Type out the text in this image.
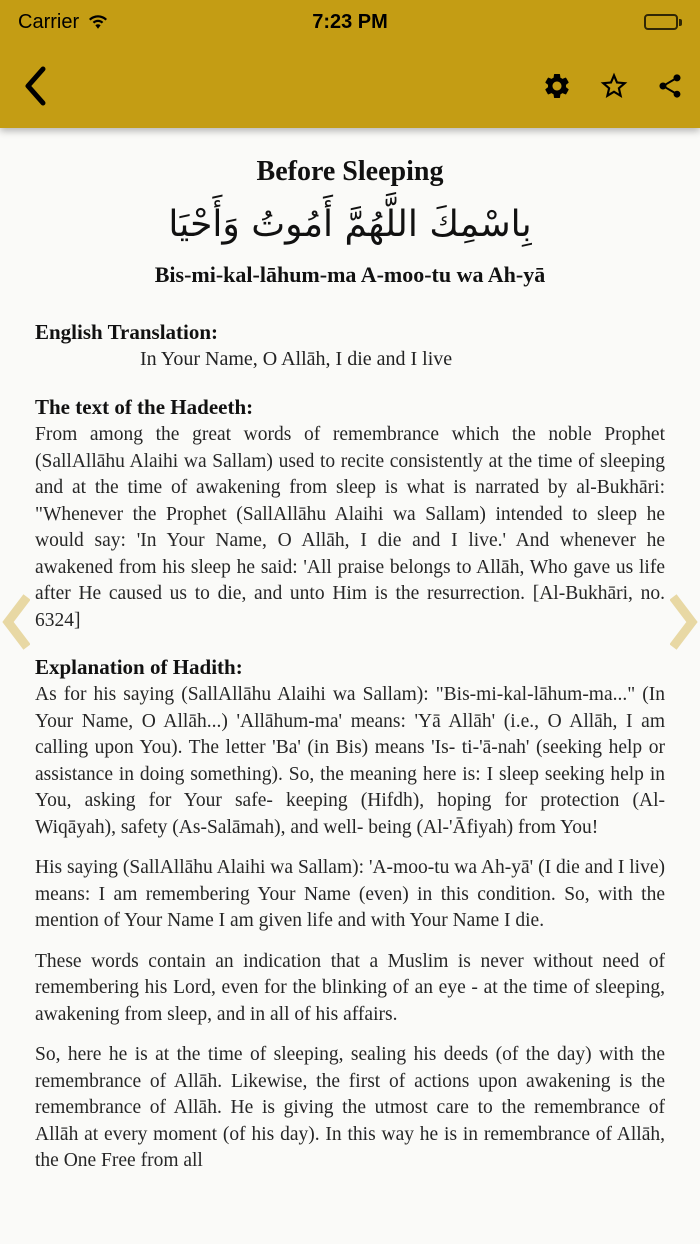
Carrier	7:23 PM
Before Sleeping
بِاسْمِكَ اللَّهُمَّ أَمُوتُ وَأَحْيَا
Bis-mi-kal-lāhum-ma A-moo-tu wa Ah-yā
English Translation:

In Your Name, O Allāh, I die and I live

The text of the Hadeeth:

From among the great words of remembrance which the noble Prophet (SallAllāhu Alaihi wa Sallam) used to recite consistently at the time of sleeping and at the time of awakening from sleep is what is narrated by al-Bukhāri: "Whenever the Prophet (SallAllāhu Alaihi wa Sallam) intended to sleep he would say: 'In Your Name, O Allāh, I die and I live.' And whenever he awakened from his sleep he said: 'All praise belongs to Allāh, Who gave us life after He caused us to die, and unto Him is the resurrection. [Al-Bukhāri, no. 6324]

Explanation of Hadith:

As for his saying (SallAllāhu Alaihi wa Sallam): "Bis-mi-kal-lāhum-ma..." (In Your Name, O Allāh...) 'Allāhum-ma' means: 'Yā Allāh' (i.e., O Allāh, I am calling upon You). The letter 'Ba' (in Bis) means 'Is- ti-'ā-nah' (seeking help or assistance in doing something). So, the meaning here is: I sleep seeking help in You, asking for Your safe- keeping (Hifdh), hoping for protection (Al- Wiqāyah), safety (As-Salāmah), and well- being (Al-'Āfiyah) from You!

His saying (SallAllāhu Alaihi wa Sallam): 'A-moo-tu wa Ah-yā' (I die and I live) means: I am remembering Your Name (even) in this condition. So, with the mention of Your Name I am given life and with Your Name I die.

These words contain an indication that a Muslim is never without need of remembering his Lord, even for the blinking of an eye - at the time of sleeping, awakening from sleep, and in all of his affairs.

So, here he is at the time of sleeping, sealing his deeds (of the day) with the remembrance of Allāh. Likewise, the first of actions upon awakening is the remembrance of Allāh. He is giving the utmost care to the remembrance of Allāh at every moment (of his day). In this way he is in remembrance of Allāh, the One Free from all
